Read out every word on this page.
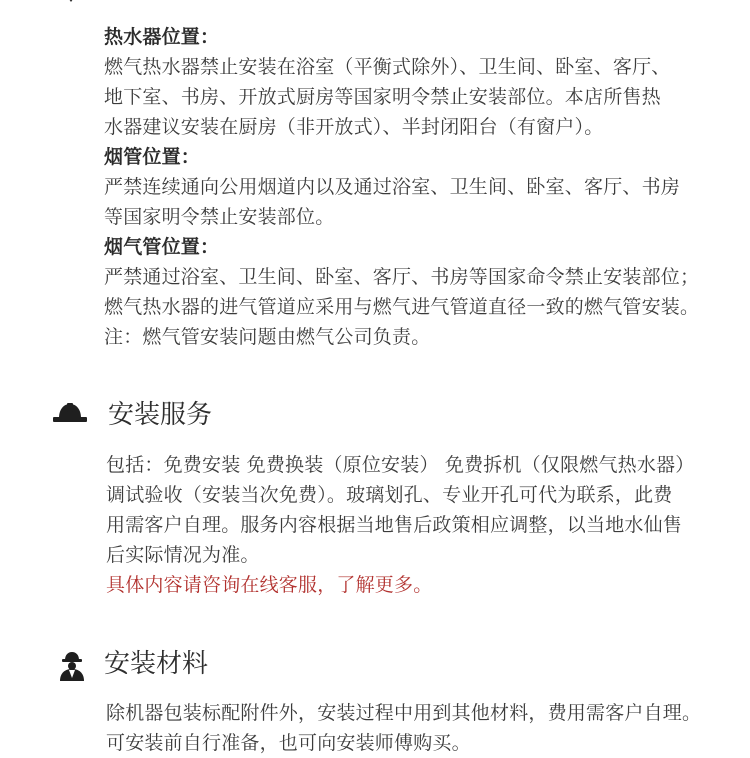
热水器位置：
燃气热水器禁止安装在浴室（平衡式除外）、卫生间、卧室、客厅、
地下室、书房、开放式厨房等国家明令禁止安装部位。本店所售热
水器建议安装在厨房（非开放式）、半封闭阳台（有窗户）。
烟管位置：
严禁连续通向公用烟道内以及通过浴室、卫生间、卧室、客厅、书房
等国家明令禁止安装部位。
烟气管位置：
严禁通过浴室、卫生间、卧室、客厅、书房等国家命令禁止安装部位；
燃气热水器的进气管道应采用与燃气进气管道直径一致的燃气管安装。
注：燃气管安装问题由燃气公司负责。
安装服务
包括：免费安装 免费换装（原位安装） 免费拆机（仅限燃气热水器）
调试验收（安装当次免费）。玻璃划孔、专业开孔可代为联系，此费
用需客户自理。服务内容根据当地售后政策相应调整，以当地水仙售
后实际情况为准。
具体内容请咨询在线客服，了解更多。
安装材料
除机器包装标配附件外，安装过程中用到其他材料，费用需客户自理。
可安装前自行准备，也可向安装师傅购买。
